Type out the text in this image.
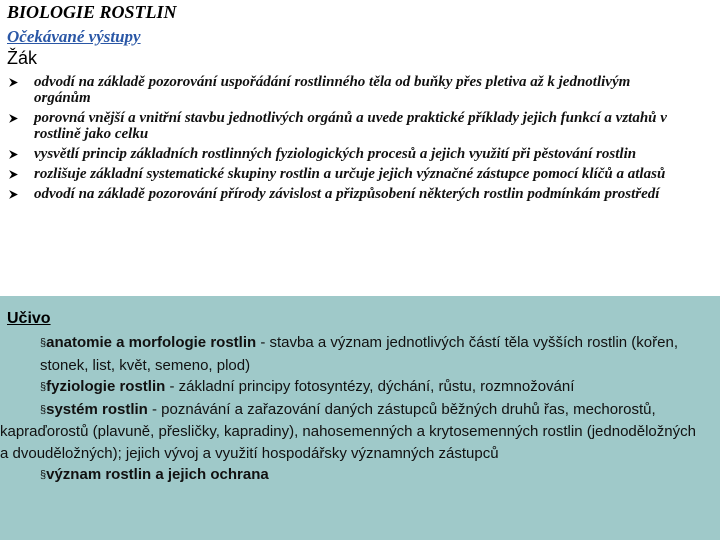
BIOLOGIE ROSTLIN
Očekávané výstupy
Žák
odvodí na základě pozorování uspořádání rostlinného těla od buňky přes pletiva až k jednotlivým orgánům
porovná vnější a vnitřní stavbu jednotlivých orgánů a uvede praktické příklady jejich funkcí a vztahů v rostlině jako celku
vysvětlí princip základních rostlinných fyziologických procesů a jejich využití při pěstování rostlin
rozlišuje základní systematické skupiny rostlin a určuje jejich význačné zástupce pomocí klíčů a atlasů
odvodí na základě pozorování přírody závislost a přizpůsobení některých rostlin podmínkám prostředí
Učivo

§anatomie a morfologie rostlin - stavba a význam jednotlivých částí těla vyšších rostlin (kořen, stonek, list, květ, semeno, plod)

§fyziologie rostlin - základní principy fotosyntézy, dýchání, růstu, rozmnožování

§systém rostlin - poznávání a zařazování daných zástupců běžných druhů řas, mechorostů, kapraďorostů (plavuně, přesličky, kapradiny), nahosemenných a krytosemenných rostlin (jednoděložných a dvouděložných); jejich vývoj a využití hospodářsky významných zástupců

§význam rostlin a jejich ochrana
